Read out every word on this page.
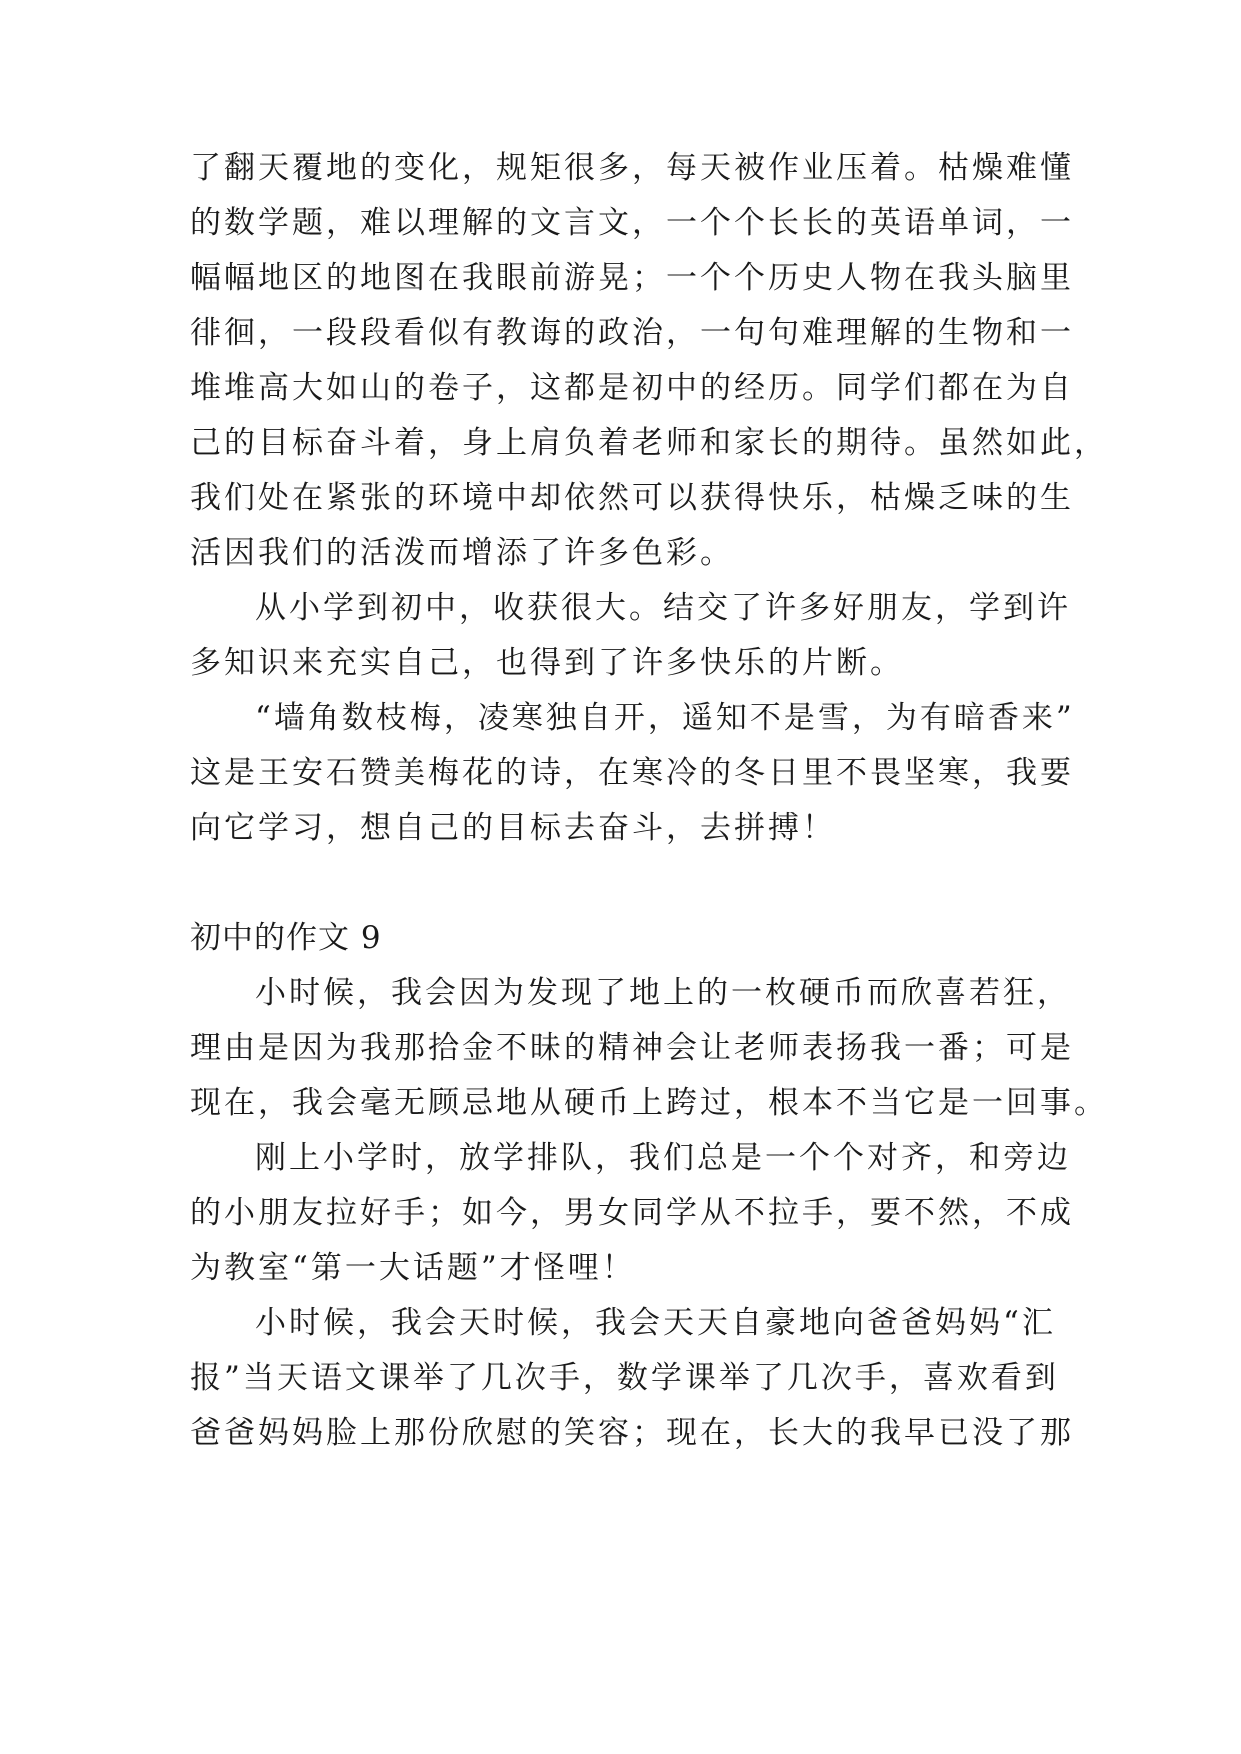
了翻天覆地的变化，规矩很多，每天被作业压着。枯燥难懂
的数学题，难以理解的文言文，一个个长长的英语单词，一
幅幅地区的地图在我眼前游晃；一个个历史人物在我头脑里
徘徊，一段段看似有教诲的政治，一句句难理解的生物和一
堆堆高大如山的卷子，这都是初中的经历。同学们都在为自
己的目标奋斗着，身上肩负着老师和家长的期待。虽然如此，
我们处在紧张的环境中却依然可以获得快乐，枯燥乏味的生
活因我们的活泼而增添了许多色彩。
从小学到初中，收获很大。结交了许多好朋友，学到许
多知识来充实自己，也得到了许多快乐的片断。
“墙角数枝梅，凌寒独自开，遥知不是雪，为有暗香来”
这是王安石赞美梅花的诗，在寒冷的冬日里不畏坚寒，我要
向它学习，想自己的目标去奋斗，去拼搏！
初中的作文 9
小时候，我会因为发现了地上的一枚硬币而欣喜若狂，
理由是因为我那拾金不昧的精神会让老师表扬我一番；可是
现在，我会毫无顾忌地从硬币上跨过，根本不当它是一回事。
刚上小学时，放学排队，我们总是一个个对齐，和旁边
的小朋友拉好手；如今，男女同学从不拉手，要不然，不成
为教室“第一大话题”才怪哩！
小时候，我会天时候，我会天天自豪地向爸爸妈妈“汇
报”当天语文课举了几次手，数学课举了几次手，喜欢看到
爸爸妈妈脸上那份欣慰的笑容；现在，长大的我早已没了那
